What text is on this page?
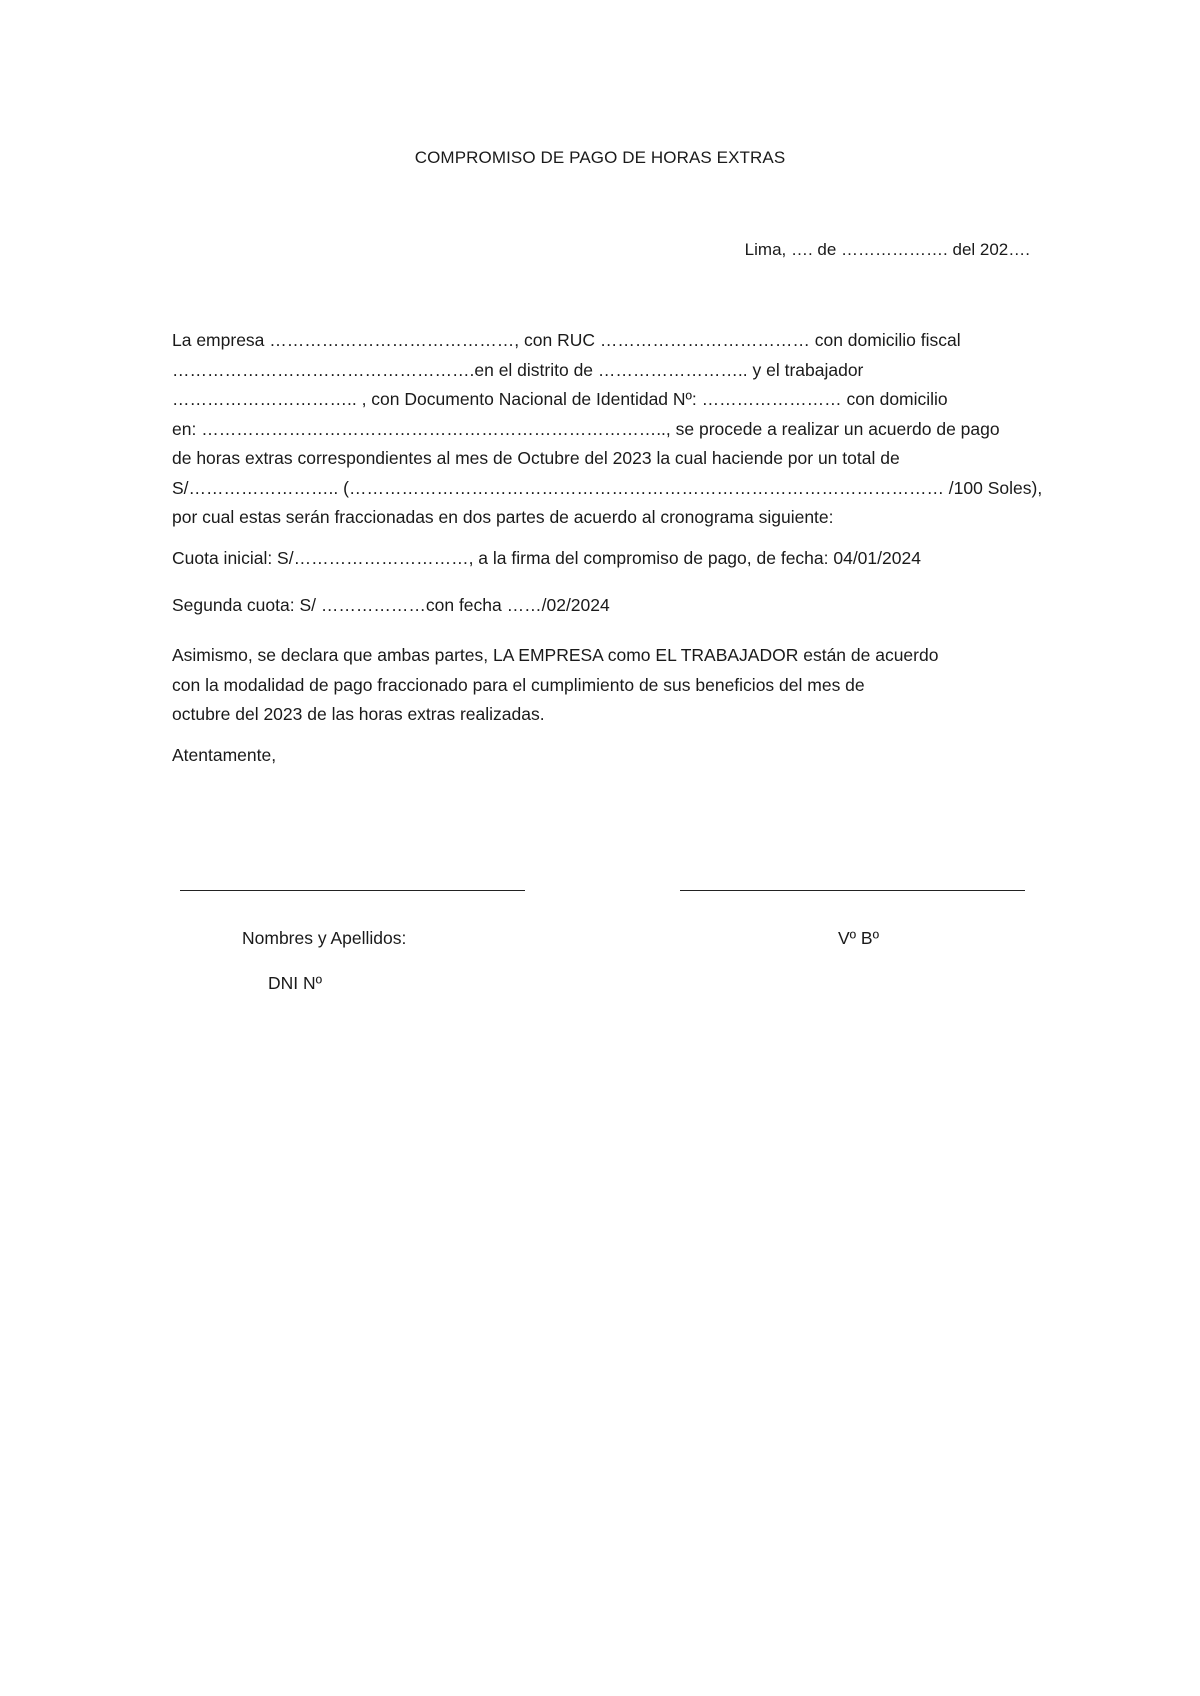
COMPROMISO DE PAGO DE HORAS EXTRAS
Lima, …. de ………………. del 202….
La empresa ……………………………………, con RUC ……………………………… con domicilio fiscal
…………………………………………….en el distrito de …………………….. y el trabajador
………………………….. , con Documento Nacional de Identidad Nº: …………………… con domicilio
en: …………………………………………………………………….., se procede a realizar un acuerdo de pago
de horas extras correspondientes al mes de Octubre del 2023 la cual haciende por un total de
S/…………………….. (………………………………………………………………………………………… /100 Soles),
por cual estas serán fraccionadas en dos partes de acuerdo al cronograma siguiente:
Cuota inicial: S/…………………………, a la firma del compromiso de pago, de fecha: 04/01/2024
Segunda cuota: S/ ………………con fecha ……/02/2024
Asimismo, se declara que ambas partes, LA EMPRESA como EL TRABAJADOR están de acuerdo
con la modalidad de pago fraccionado para el cumplimiento de sus beneficios del mes de
octubre del 2023 de las horas extras realizadas.
Atentamente,
Nombres y Apellidos:	Vº Bº
DNI Nº
